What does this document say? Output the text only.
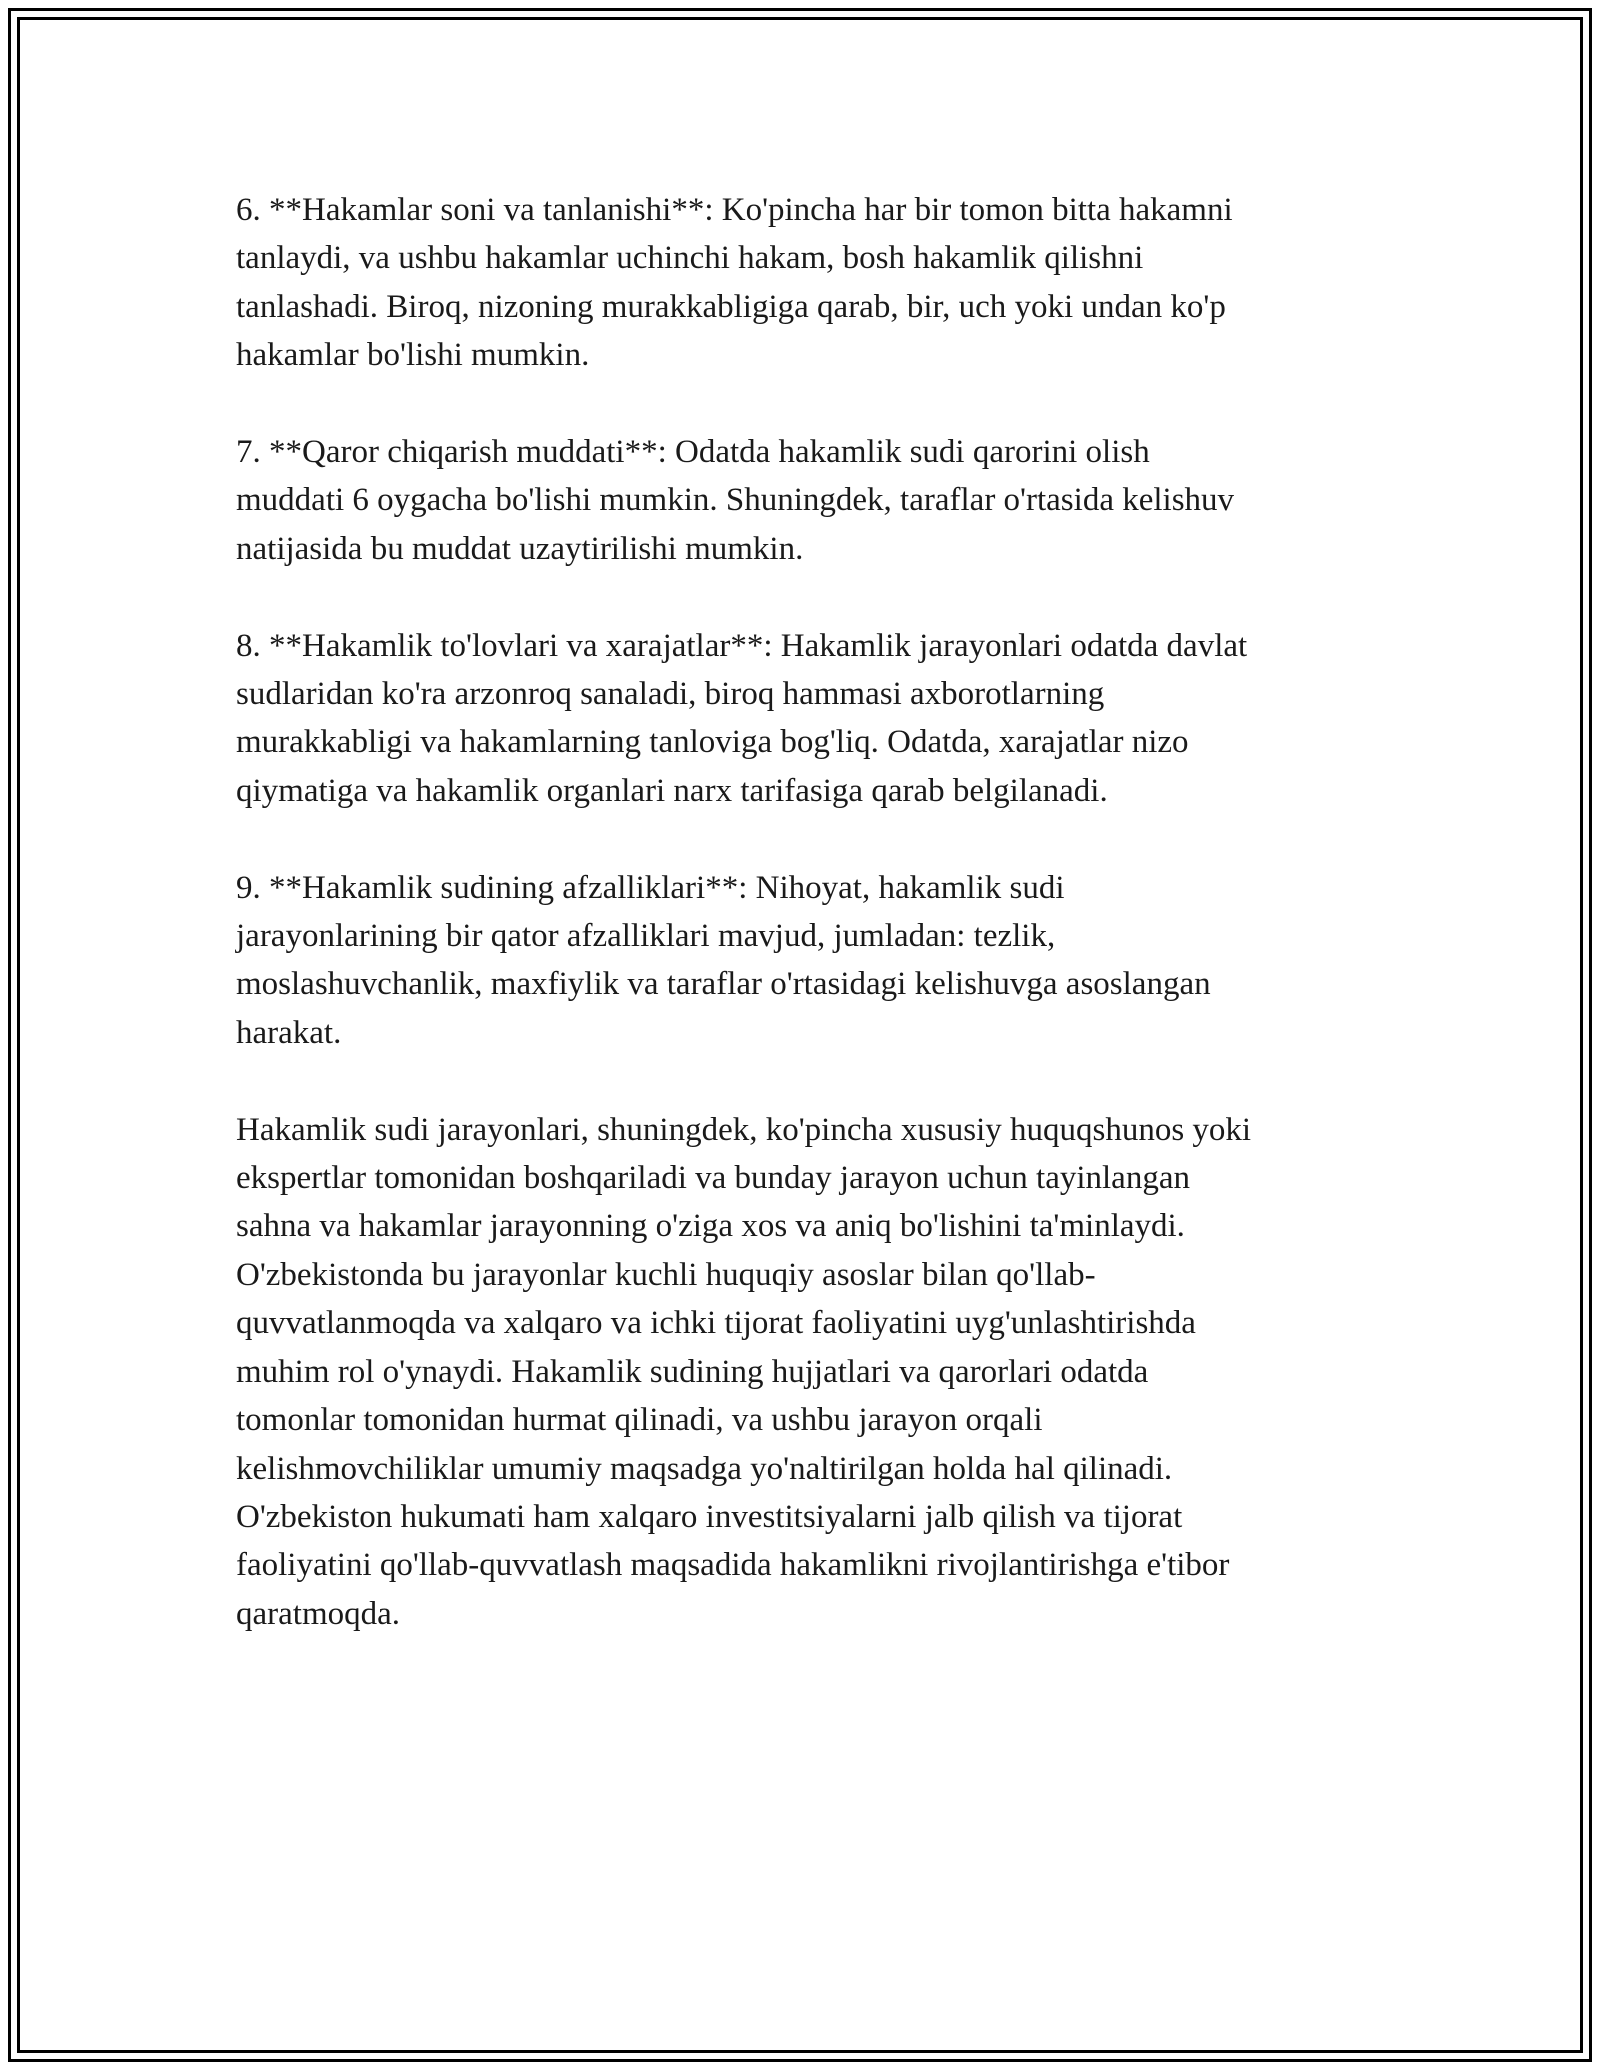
6. **Hakamlar soni va tanlanishi**: Ko'pincha har bir tomon bitta hakamni
tanlaydi, va ushbu hakamlar uchinchi hakam, bosh hakamlik qilishni
tanlashadi. Biroq, nizoning murakkabligiga qarab, bir, uch yoki undan ko'p
hakamlar bo'lishi mumkin.

7. **Qaror chiqarish muddati**: Odatda hakamlik sudi qarorini olish
muddati 6 oygacha bo'lishi mumkin. Shuningdek, taraflar o'rtasida kelishuv
natijasida bu muddat uzaytirilishi mumkin.

8. **Hakamlik to'lovlari va xarajatlar**: Hakamlik jarayonlari odatda davlat
sudlaridan ko'ra arzonroq sanaladi, biroq hammasi axborotlarning
murakkabligi va hakamlarning tanloviga bog'liq. Odatda, xarajatlar nizo
qiymatiga va hakamlik organlari narx tarifasiga qarab belgilanadi.

9. **Hakamlik sudining afzalliklari**: Nihoyat, hakamlik sudi
jarayonlarining bir qator afzalliklari mavjud, jumladan: tezlik,
moslashuvchanlik, maxfiylik va taraflar o'rtasidagi kelishuvga asoslangan
harakat.

Hakamlik sudi jarayonlari, shuningdek, ko'pincha xususiy huquqshunos yoki
ekspertlar tomonidan boshqariladi va bunday jarayon uchun tayinlangan
sahna va hakamlar jarayonning o'ziga xos va aniq bo'lishini ta'minlaydi.
O'zbekistonda bu jarayonlar kuchli huquqiy asoslar bilan qo'llab-
quvvatlanmoqda va xalqaro va ichki tijorat faoliyatini uyg'unlashtirishda
muhim rol o'ynaydi. Hakamlik sudining hujjatlari va qarorlari odatda
tomonlar tomonidan hurmat qilinadi, va ushbu jarayon orqali
kelishmovchiliklar umumiy maqsadga yo'naltirilgan holda hal qilinadi.
O'zbekiston hukumati ham xalqaro investitsiyalarni jalb qilish va tijorat
faoliyatini qo'llab-quvvatlash maqsadida hakamlikni rivojlantirishga e'tibor
qaratmoqda.
